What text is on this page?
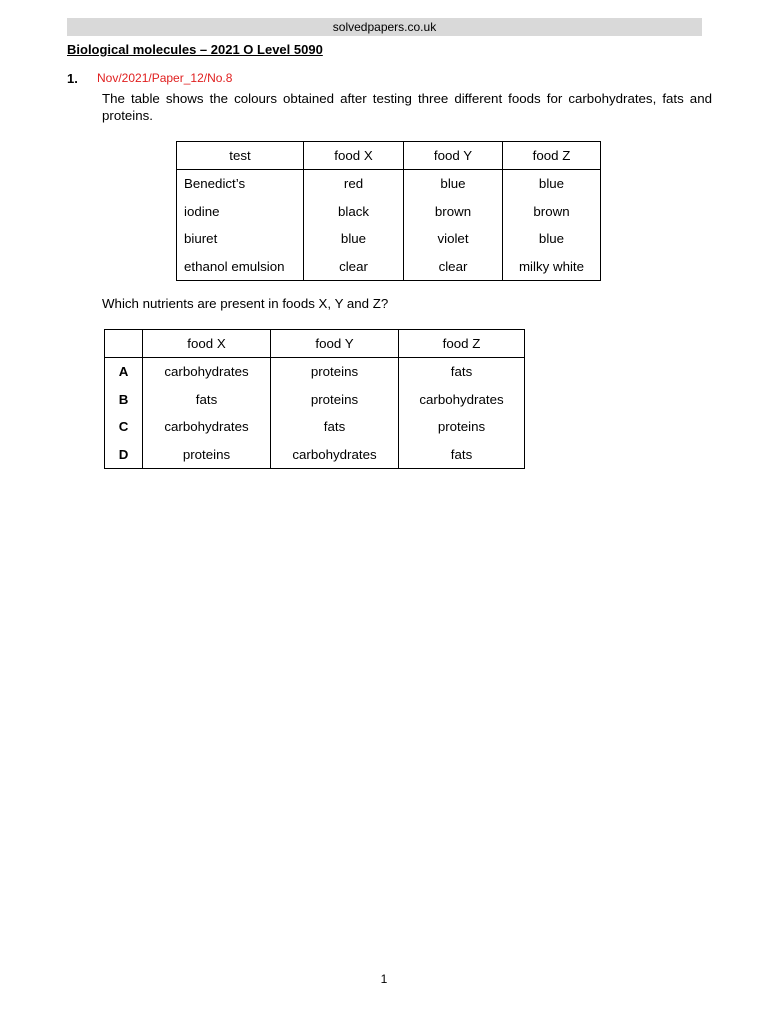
solvedpapers.co.uk
Biological molecules – 2021 O Level 5090
1. Nov/2021/Paper_12/No.8
The table shows the colours obtained after testing three different foods for carbohydrates, fats and proteins.
test	food X	food Y	food Z
Benedict’s	red	blue	blue
iodine	black	brown	brown
biuret	blue	violet	blue
ethanol emulsion	clear	clear	milky white
Which nutrients are present in foods X, Y and Z?
	food X	food Y	food Z
A	carbohydrates	proteins	fats
B	fats	proteins	carbohydrates
C	carbohydrates	fats	proteins
D	proteins	carbohydrates	fats
1
